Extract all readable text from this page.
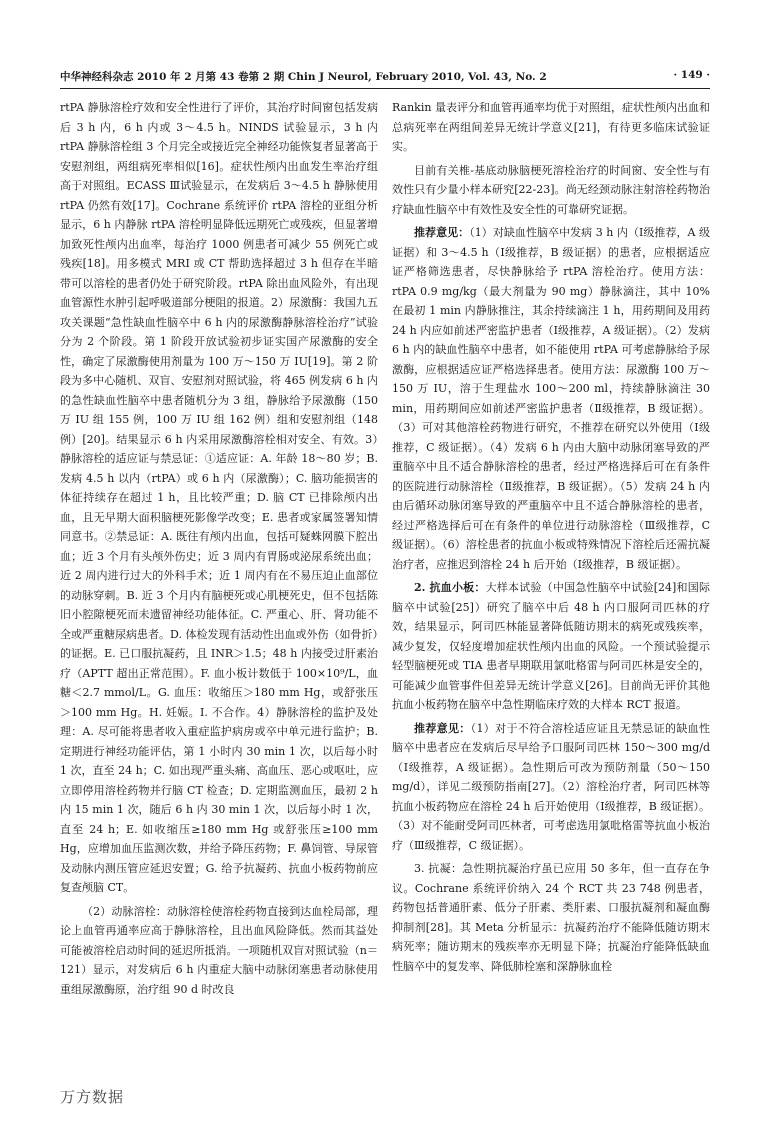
中华神经科杂志 2010 年 2 月第 43 卷第 2 期 Chin J Neurol, February 2010, Vol. 43, No. 2	· 149 ·

rtPA 静脉溶栓疗效和安全性进行了评价，其治疗时间窗包括发病后 3 h 内，6 h 内或 3～4.5 h。NINDS 试验显示，3 h 内 rtPA 静脉溶栓组 3 个月完全或接近完全神经功能恢复者显著高于安慰剂组，两组病死率相似[16]。症状性颅内出血发生率治疗组高于对照组。ECASS Ⅲ试验显示，在发病后 3～4.5 h 静脉使用 rtPA 仍然有效[17]。Cochrane 系统评价 rtPA 溶栓的亚组分析显示，6 h 内静脉 rtPA 溶栓明显降低远期死亡或残疾，但显著增加致死性颅内出血率，每治疗 1000 例患者可减少 55 例死亡或残疾[18]。用多模式 MRI 或 CT 帮助选择超过 3 h 但存在半暗带可以溶栓的患者仍处于研究阶段。rtPA 除出血风险外，有出现血管源性水肿引起呼吸道部分梗阻的报道。2）尿激酶：我国九五攻关课题“急性缺血性脑卒中 6 h 内的尿激酶静脉溶栓治疗”试验分为 2 个阶段。第 1 阶段开放试验初步证实国产尿激酶的安全性，确定了尿激酶使用剂量为 100 万～150 万 IU[19]。第 2 阶段为多中心随机、双盲、安慰剂对照试验，将 465 例发病 6 h 内的急性缺血性脑卒中患者随机分为 3 组，静脉给予尿激酶（150 万 IU 组 155 例，100 万 IU 组 162 例）组和安慰剂组（148 例）[20]。结果显示 6 h 内采用尿激酶溶栓相对安全、有效。3）静脉溶栓的适应证与禁忌证：①适应证：A. 年龄 18～80 岁；B. 发病 4.5 h 以内（rtPA）或 6 h 内（尿激酶）；C. 脑功能损害的体征持续存在超过 1 h，且比较严重；D. 脑 CT 已排除颅内出血，且无早期大面积脑梗死影像学改变；E. 患者或家属签署知情同意书。②禁忌证：A. 既往有颅内出血，包括可疑蛛网膜下腔出血；近 3 个月有头颅外伤史；近 3 周内有胃肠或泌尿系统出血；近 2 周内进行过大的外科手术；近 1 周内有在不易压迫止血部位的动脉穿刺。B. 近 3 个月内有脑梗死或心肌梗死史，但不包括陈旧小腔隙梗死而未遗留神经功能体征。C. 严重心、肝、肾功能不全或严重糖尿病患者。D. 体检发现有活动性出血或外伤（如骨折）的证据。E. 已口服抗凝药，且 INR＞1.5；48 h 内接受过肝素治疗（APTT 超出正常范围）。F. 血小板计数低于 100×10⁹/L，血糖＜2.7 mmol/L。G. 血压：收缩压＞180 mm Hg，或舒张压＞100 mm Hg。H. 妊娠。I. 不合作。4）静脉溶栓的监护及处理：A. 尽可能将患者收入重症监护病房或卒中单元进行监护；B. 定期进行神经功能评估，第 1 小时内 30 min 1 次，以后每小时 1 次，直至 24 h；C. 如出现严重头痛、高血压、恶心或呕吐，应立即停用溶栓药物并行脑 CT 检查；D. 定期监测血压，最初 2 h 内 15 min 1 次，随后 6 h 内 30 min 1 次，以后每小时 1 次，直至 24 h；E. 如收缩压≥180 mm Hg 或舒张压≥100 mm Hg，应增加血压监测次数，并给予降压药物；F. 鼻饲管、导尿管及动脉内测压管应延迟安置；G. 给予抗凝药、抗血小板药物前应复查颅脑 CT。

（2）动脉溶栓：动脉溶栓使溶栓药物直接到达血栓局部，理论上血管再通率应高于静脉溶栓，且出血风险降低。然而其益处可能被溶栓启动时间的延迟所抵消。一项随机双盲对照试验（n＝121）显示，对发病后 6 h 内重症大脑中动脉闭塞患者动脉使用重组尿激酶原，治疗组 90 d 时改良

Rankin 量表评分和血管再通率均优于对照组，症状性颅内出血和总病死率在两组间差异无统计学意义[21]，有待更多临床试验证实。

目前有关椎-基底动脉脑梗死溶栓治疗的时间窗、安全性与有效性只有少量小样本研究[22-23]。尚无经颈动脉注射溶栓药物治疗缺血性脑卒中有效性及安全性的可靠研究证据。

推荐意见：（1）对缺血性脑卒中发病 3 h 内（Ⅰ级推荐，A 级证据）和 3～4.5 h（Ⅰ级推荐，B 级证据）的患者，应根据适应证严格筛选患者，尽快静脉给予 rtPA 溶栓治疗。使用方法：rtPA 0.9 mg/kg（最大剂量为 90 mg）静脉滴注，其中 10% 在最初 1 min 内静脉推注，其余持续滴注 1 h，用药期间及用药 24 h 内应如前述严密监护患者（Ⅰ级推荐，A 级证据）。（2）发病 6 h 内的缺血性脑卒中患者，如不能使用 rtPA 可考虑静脉给予尿激酶，应根据适应证严格选择患者。使用方法：尿激酶 100 万～150 万 IU，溶于生理盐水 100～200 ml，持续静脉滴注 30 min，用药期间应如前述严密监护患者（Ⅱ级推荐，B 级证据）。（3）可对其他溶栓药物进行研究，不推荐在研究以外使用（Ⅰ级推荐，C 级证据）。（4）发病 6 h 内由大脑中动脉闭塞导致的严重脑卒中且不适合静脉溶栓的患者，经过严格选择后可在有条件的医院进行动脉溶栓（Ⅱ级推荐，B 级证据）。（5）发病 24 h 内由后循环动脉闭塞导致的严重脑卒中且不适合静脉溶栓的患者，经过严格选择后可在有条件的单位进行动脉溶栓（Ⅲ级推荐，C 级证据）。（6）溶栓患者的抗血小板或特殊情况下溶栓后还需抗凝治疗者，应推迟到溶栓 24 h 后开始（Ⅰ级推荐，B 级证据）。

2. 抗血小板：大样本试验（中国急性脑卒中试验[24]和国际脑卒中试验[25]）研究了脑卒中后 48 h 内口服阿司匹林的疗效，结果显示，阿司匹林能显著降低随访期末的病死或残疾率，减少复发，仅轻度增加症状性颅内出血的风险。一个预试验提示轻型脑梗死或 TIA 患者早期联用氯吡格雷与阿司匹林是安全的，可能减少血管事件但差异无统计学意义[26]。目前尚无评价其他抗血小板药物在脑卒中急性期临床疗效的大样本 RCT 报道。

推荐意见：（1）对于不符合溶栓适应证且无禁忌证的缺血性脑卒中患者应在发病后尽早给予口服阿司匹林 150～300 mg/d（Ⅰ级推荐，A 级证据）。急性期后可改为预防剂量（50～150 mg/d），详见二级预防指南[27]。（2）溶栓治疗者，阿司匹林等抗血小板药物应在溶栓 24 h 后开始使用（Ⅰ级推荐，B 级证据）。（3）对不能耐受阿司匹林者，可考虑选用氯吡格雷等抗血小板治疗（Ⅲ级推荐，C 级证据）。

3. 抗凝：急性期抗凝治疗虽已应用 50 多年，但一直存在争议。Cochrane 系统评价纳入 24 个 RCT 共 23 748 例患者，药物包括普通肝素、低分子肝素、类肝素、口服抗凝剂和凝血酶抑制剂[28]。其 Meta 分析显示：抗凝药治疗不能降低随访期末病死率；随访期末的残疾率亦无明显下降；抗凝治疗能降低缺血性脑卒中的复发率、降低肺栓塞和深静脉血栓

万方数据
